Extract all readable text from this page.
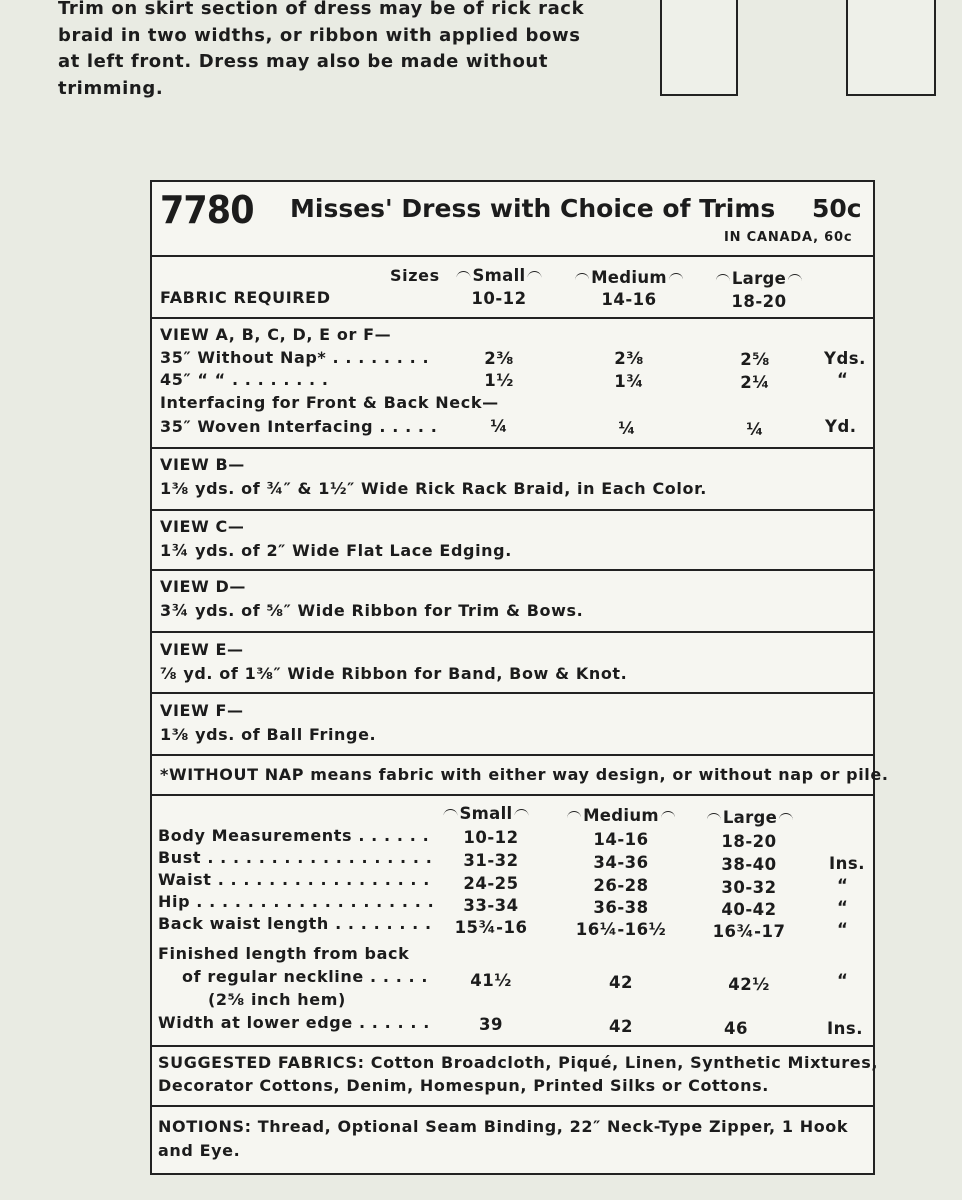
Trim on skirt section of dress may be of rick rack
braid in two widths, or ribbon with applied bows
at left front. Dress may also be made without
trimming.
7780 Misses' Dress with Choice of Trims 50c
IN CANADA, 60c
Sizes
FABRIC REQUIRED
Small
10-12
Medium
14-16
Large
18-20
VIEW A, B, C, D, E or F—
35″ Without Nap* . . . . . . . .	2⅜	2⅜	2⅝	Yds.
45″ “ “ . . . . . . . .	1½	1¾	2¼	“
Interfacing for Front & Back Neck—
35″ Woven Interfacing . . . . .	¼	¼	¼	Yd.
VIEW B—
1⅜ yds. of ¾″ & 1½″ Wide Rick Rack Braid, in Each Color.
VIEW C—
1¾ yds. of 2″ Wide Flat Lace Edging.
VIEW D—
3¾ yds. of ⅝″ Wide Ribbon for Trim & Bows.
VIEW E—
⅞ yd. of 1⅜″ Wide Ribbon for Band, Bow & Knot.
VIEW F—
1⅜ yds. of Ball Fringe.
*WITHOUT NAP means fabric with either way design, or without nap or pile.
Small	Medium	Large
Body Measurements . . . . . . 10-12	14-16	18-20
Bust . . . . . . . . . . . . . . . . . . 31-32	34-36	38-40	Ins.
Waist . . . . . . . . . . . . . . . . . 24-25	26-28	30-32	“
Hip . . . . . . . . . . . . . . . . . . . 33-34	36-38	40-42	“
Back waist length . . . . . . . . 15¾-16	16¼-16½	16¾-17	“
Finished length from back
of regular neckline . . . . .
(2⅝ inch hem)
41½	42	42½	“
Width at lower edge . . . . . .	39	42	46	Ins.
SUGGESTED FABRICS: Cotton Broadcloth, Piqué, Linen, Synthetic Mixtures,
Decorator Cottons, Denim, Homespun, Printed Silks or Cottons.
NOTIONS: Thread, Optional Seam Binding, 22″ Neck-Type Zipper, 1 Hook
and Eye.
